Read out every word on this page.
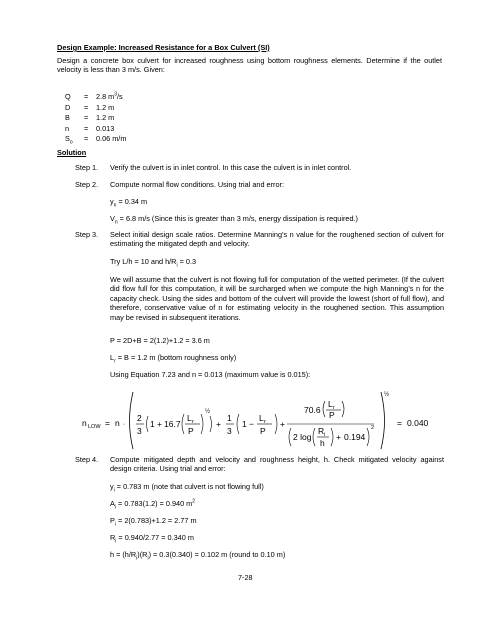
Design Example: Increased Resistance for a Box Culvert (SI)
Design a concrete box culvert for increased roughness using bottom roughness elements. Determine if the outlet velocity is less than 3 m/s. Given:
Q = 2.8 $m^3/s$
D = 1.2 m
B = 1.2 m
n = 0.013
$S_o = 0.06$ m/m
Solution
Step 1. Verify the culvert is in inlet control. In this case the culvert is in inlet control.
Step 2. Compute normal flow conditions. Using trial and error:
$y_n = 0.34$ m
$V_n = 6.8$ m/s (Since this is greater than 3 m/s, energy dissipation is required.)
Step 3. Select initial design scale ratios. Determine Manning’s n value for the roughened section of culvert for estimating the mitigated depth and velocity.
Try L/h = 10 and $h/R_i = 0.3$
We will assume that the culvert is not flowing full for computation of the wetted perimeter. (If the culvert did flow full for this computation, it will be surcharged when we compute the high Manning’s n for the capacity check. Using the sides and bottom of the culvert will provide the lowest (short of full flow), and therefore, conservative value of n for estimating velocity in the roughened section. This assumption may be revised in subsequent iterations.
P = 2D+B = 2(1.2)+1.2 = 3.6 m
$L_r = B = 1.2$ m (bottom roughness only)
Using Equation 7.23 and n = 0.013 (maximum value is 0.015):
n LOW = n ·
2
3
1 + 16.7
L r
P
½
+
1
3
1 −
L r
P
+
70.6
L r
P
2 log
R i
h
+ 0.194
2
½
= 0.040
Step 4. Compute mitigated depth and velocity and roughness height, h. Check mitigated velocity against design criteria. Using trial and error:
$y_i = 0.783$ m (note that culvert is not flowing full)
$A_i = 0.783(1.2) = 0.940$ $m^2$
$P_i = 2(0.783)+1.2 = 2.77$ m
$R_i = 0.940/2.77 = 0.340$ m
$h = (h/R_i)(R_i) = 0.3(0.340) = 0.102$ m (round to 0.10 m)
7-28
